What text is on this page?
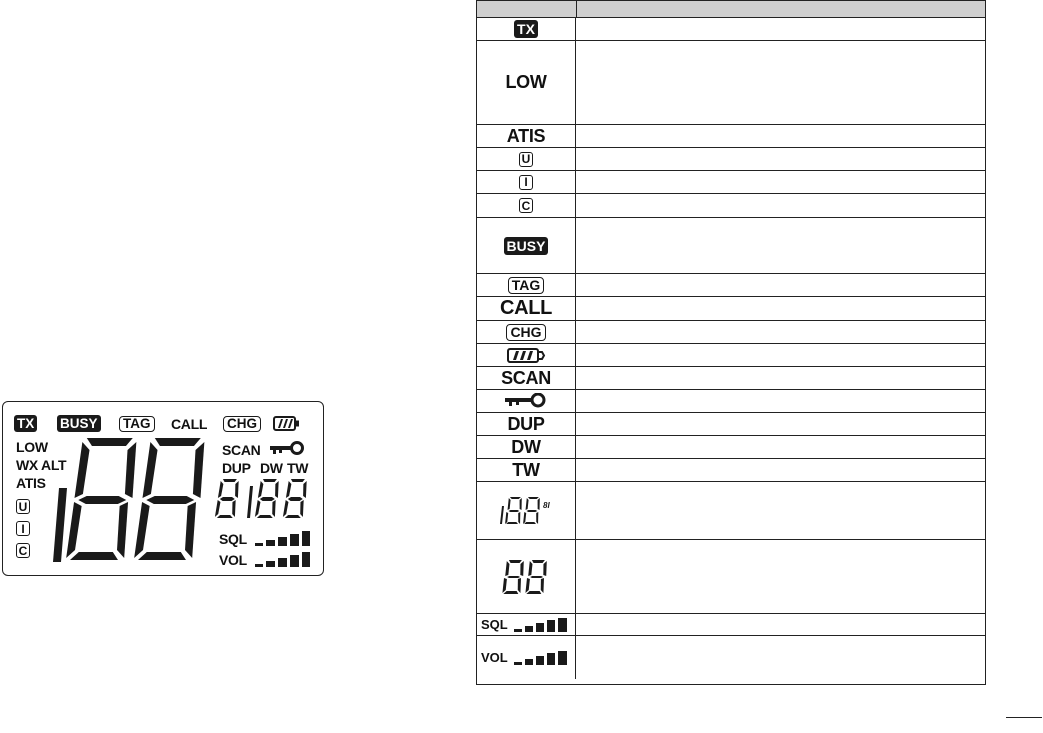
TX BUSY TAG CALL CHG
LOW
WX ALT
ATIS
U
I
C
SCAN
DUP DW TW
SQL
VOL
TX
LOW
ATIS
U
I
C
BUSY
TAG
CALL
CHG
SCAN
DUP
DW
TW
8I
SQL
VOL
